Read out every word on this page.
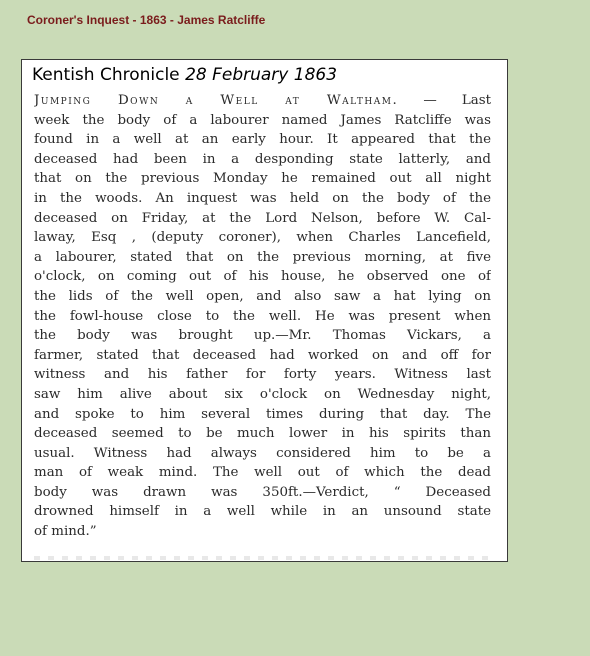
Coroner's Inquest - 1863 - James Ratcliffe
Kentish Chronicle 28 February 1863
Jumping Down a Well at Waltham. — Last
week the body of a labourer named James Ratcliffe was
found in a well at an early hour. It appeared that the
deceased had been in a desponding state latterly, and
that on the previous Monday he remained out all night
in the woods. An inquest was held on the body of the
deceased on Friday, at the Lord Nelson, before W. Cal-
laway, Esq , (deputy coroner), when Charles Lancefield,
a labourer, stated that on the previous morning, at five
o'clock, on coming out of his house, he observed one of
the lids of the well open, and also saw a hat lying on
the fowl-house close to the well. He was present when
the body was brought up.—Mr. Thomas Vickars, a
farmer, stated that deceased had worked on and off for
witness and his father for forty years. Witness last
saw him alive about six o'clock on Wednesday night,
and spoke to him several times during that day. The
deceased seemed to be much lower in his spirits than
usual. Witness had always considered him to be a
man of weak mind. The well out of which the dead
body was drawn was 350ft.—Verdict, “ Deceased
drowned himself in a well while in an unsound state
of mind.”
